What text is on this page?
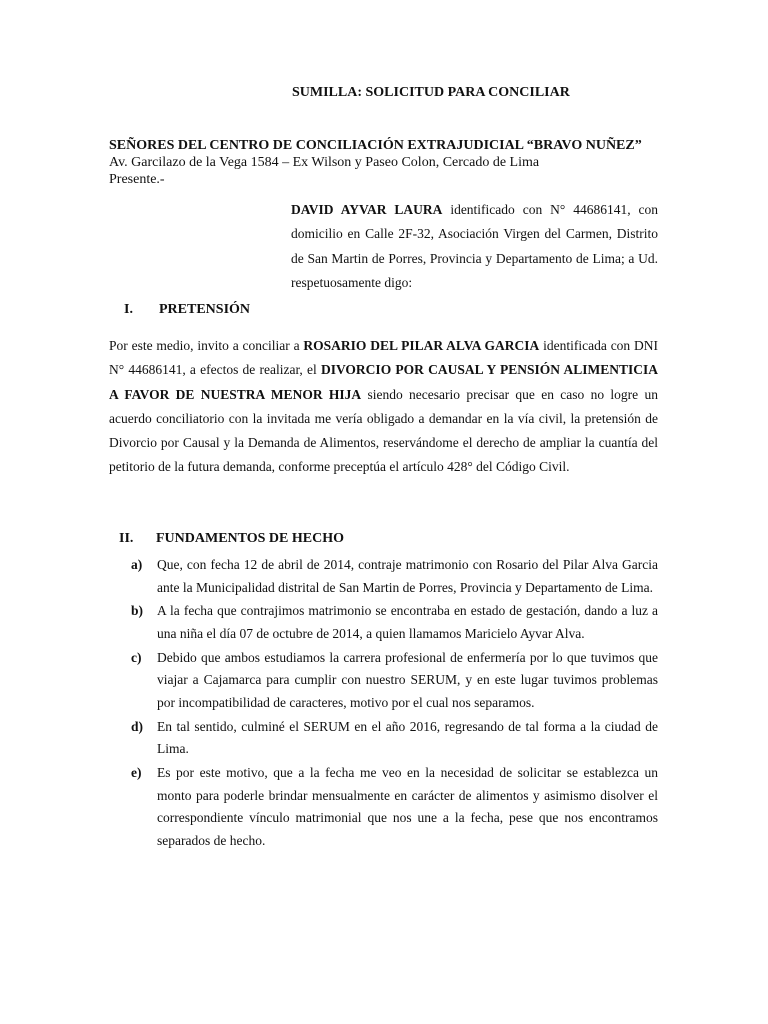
SUMILLA: SOLICITUD PARA CONCILIAR
SEÑORES DEL CENTRO DE CONCILIACIÓN EXTRAJUDICIAL “BRAVO NUÑEZ”
Av. Garcilazo de la Vega 1584 – Ex Wilson y Paseo Colon, Cercado de Lima
Presente.-
DAVID AYVAR LAURA identificado con N° 44686141, con domicilio en Calle 2F-32, Asociación Virgen del Carmen, Distrito de San Martin de Porres, Provincia y Departamento de Lima; a Ud. respetuosamente digo:
I. PRETENSIÓN
Por este medio, invito a conciliar a ROSARIO DEL PILAR ALVA GARCIA identificada con DNI N° 44686141, a efectos de realizar, el DIVORCIO POR CAUSAL Y PENSIÓN ALIMENTICIA A FAVOR DE NUESTRA MENOR HIJA siendo necesario precisar que en caso no logre un acuerdo conciliatorio con la invitada me vería obligado a demandar en la vía civil, la pretensión de Divorcio por Causal y la Demanda de Alimentos, reservándome el derecho de ampliar la cuantía del petitorio de la futura demanda, conforme preceptúa el artículo 428° del Código Civil.
II. FUNDAMENTOS DE HECHO
a)	Que, con fecha 12 de abril de 2014, contraje matrimonio con Rosario del Pilar Alva Garcia ante la Municipalidad distrital de San Martin de Porres, Provincia y Departamento de Lima.
b)	A la fecha que contrajimos matrimonio se encontraba en estado de gestación, dando a luz a una niña el día 07 de octubre de 2014, a quien llamamos Maricielo Ayvar Alva.
c)	Debido que ambos estudiamos la carrera profesional de enfermería por lo que tuvimos que viajar a Cajamarca para cumplir con nuestro SERUM, y en este lugar tuvimos problemas por incompatibilidad de caracteres, motivo por el cual nos separamos.
d)	En tal sentido, culminé el SERUM en el año 2016, regresando de tal forma a la ciudad de Lima.
e)	Es por este motivo, que a la fecha me veo en la necesidad de solicitar se establezca un monto para poderle brindar mensualmente en carácter de alimentos y asimismo disolver el correspondiente vínculo matrimonial que nos une a la fecha, pese que nos encontramos separados de hecho.
